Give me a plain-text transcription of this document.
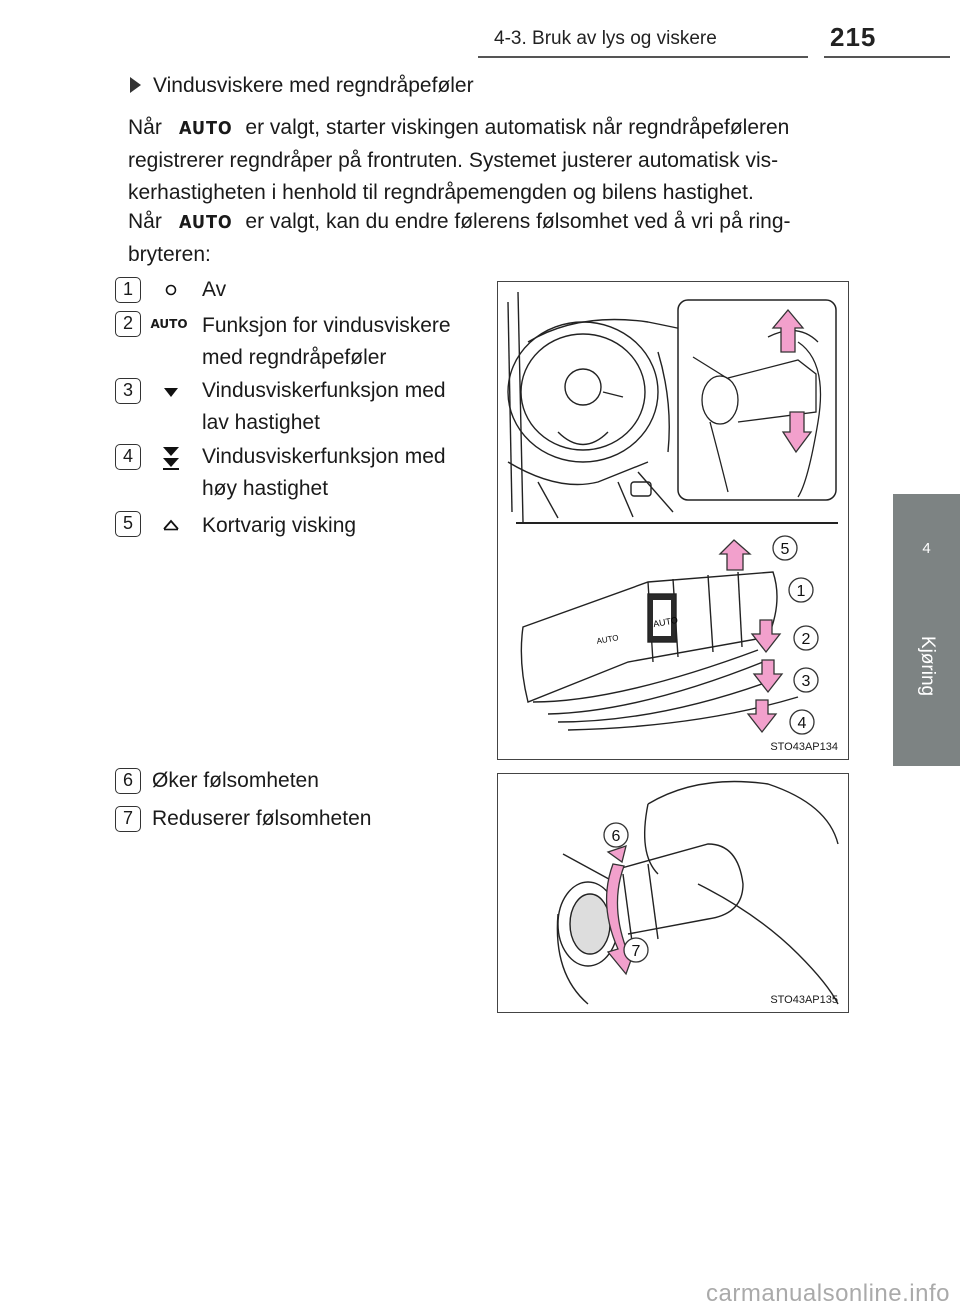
4-3. Bruk av lys og viskere	215
4
Kjøring
Vindusviskere med regndråpeføler
Når AUTO er valgt, starter viskingen automatisk når regndråpeføleren
registrerer regndråper på frontruten. Systemet justerer automatisk vis-
kerhastigheten i henhold til regndråpemengden og bilens hastighet.
Når AUTO er valgt, kan du endre følerens følsomhet ved å vri på ring-
bryteren:
1	Av
2	AUTO Funksjon for vindusviskere
med regndråpeføler
3	Vindusviskerfunksjon med
lav hastighet
4	Vindusviskerfunksjon med
høy hastighet
5	Kortvarig visking
6 Øker følsomheten
7 Reduserer følsomheten
AUTO
AUTO
5
1
2
3
4
STO43AP134
6
7
STO43AP135
carmanualsonline.info
